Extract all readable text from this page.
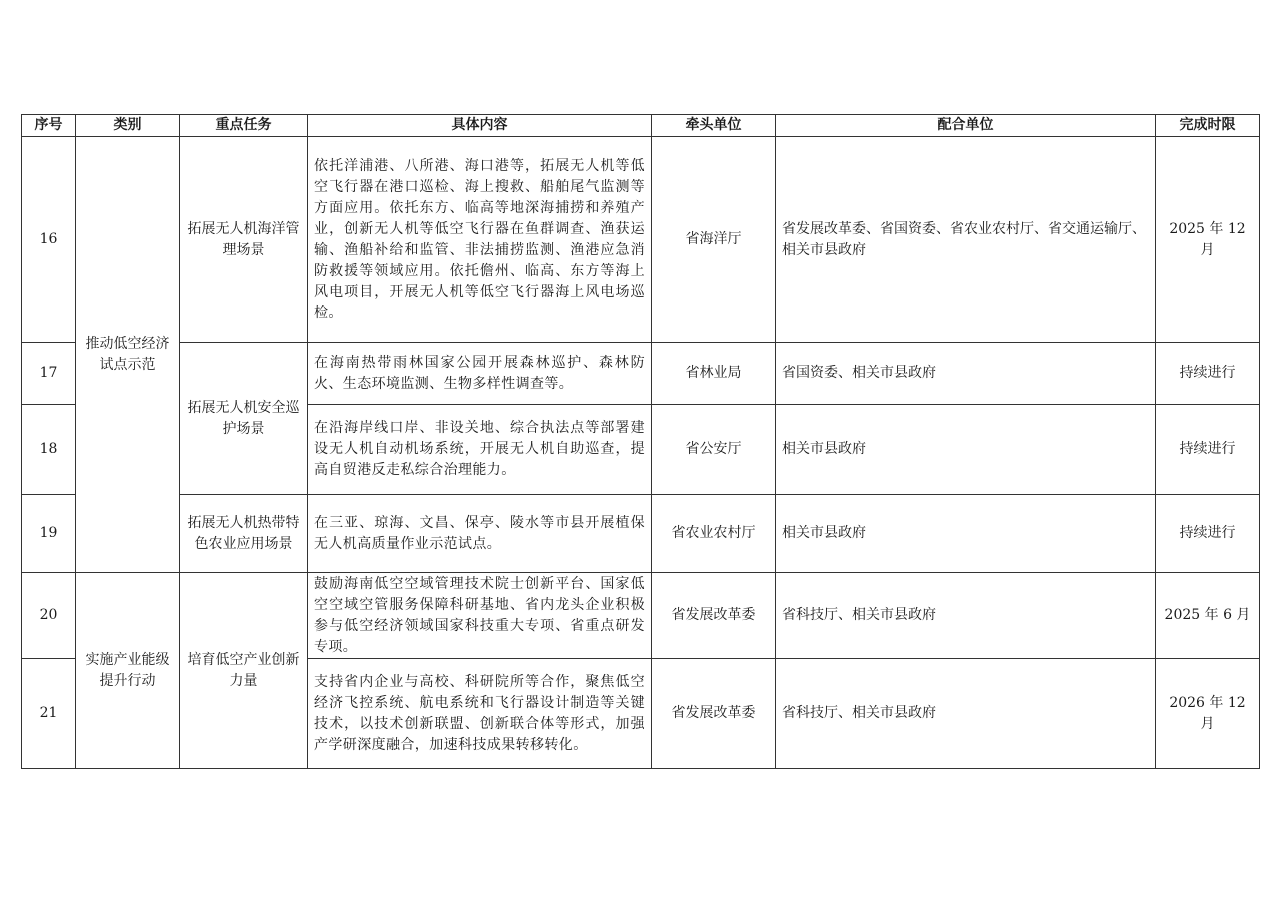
序号	类别	重点任务	具体内容	牵头单位	配合单位	完成时限
16	推动低空经济试点示范	拓展无人机海洋管理场景	依托洋浦港、八所港、海口港等，拓展无人机等低空飞行器在港口巡检、海上搜救、船舶尾气监测等方面应用。依托东方、临高等地深海捕捞和养殖产业，创新无人机等低空飞行器在鱼群调查、渔获运输、渔船补给和监管、非法捕捞监测、渔港应急消防救援等领域应用。依托儋州、临高、东方等海上风电项目，开展无人机等低空飞行器海上风电场巡检。	省海洋厅	省发展改革委、省国资委、省农业农村厅、省交通运输厅、相关市县政府	2025 年 12 月
17		拓展无人机安全巡护场景	在海南热带雨林国家公园开展森林巡护、森林防火、生态环境监测、生物多样性调查等。	省林业局	省国资委、相关市县政府	持续进行
18			在沿海岸线口岸、非设关地、综合执法点等部署建设无人机自动机场系统，开展无人机自助巡查，提高自贸港反走私综合治理能力。	省公安厅	相关市县政府	持续进行
19		拓展无人机热带特色农业应用场景	在三亚、琼海、文昌、保亭、陵水等市县开展植保无人机高质量作业示范试点。	省农业农村厅	相关市县政府	持续进行
20	实施产业能级提升行动	培育低空产业创新力量	鼓励海南低空空域管理技术院士创新平台、国家低空空域空管服务保障科研基地、省内龙头企业积极参与低空经济领域国家科技重大专项、省重点研发专项。	省发展改革委	省科技厅、相关市县政府	2025 年 6 月
21			支持省内企业与高校、科研院所等合作，聚焦低空经济飞控系统、航电系统和飞行器设计制造等关键技术，以技术创新联盟、创新联合体等形式，加强产学研深度融合，加速科技成果转移转化。	省发展改革委	省科技厅、相关市县政府	2026 年 12 月
